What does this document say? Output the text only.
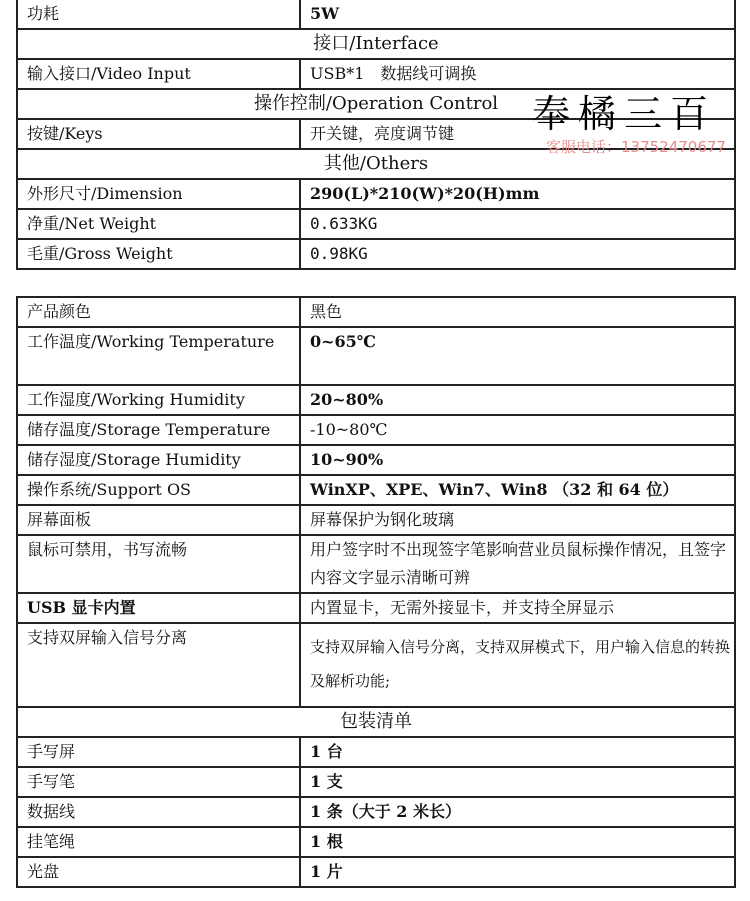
功耗	5W
接口/Interface	
输入接口/Video Input	USB*1　数据线可调换
操作控制/Operation Control	
按键/Keys	开关键，亮度调节键
其他/Others	
外形尺寸/Dimension	290(L)*210(W)*20(H)mm
净重/Net Weight	0.633KG
毛重/Gross Weight	0.98KG
奉橘三百
客服电话：13752470677
产品颜色	黑色
工作温度/Working Temperature	0~65℃
工作湿度/Working Humidity	20~80%
储存温度/Storage Temperature	-10~80℃
储存湿度/Storage Humidity	10~90%
操作系统/Support OS	WinXP、XPE、Win7、Win8 （32 和 64 位）
屏幕面板	屏幕保护为钢化玻璃
鼠标可禁用，书写流畅	用户签字时不出现签字笔影响营业员鼠标操作情况，且签字内容文字显示清晰可辨
USB 显卡内置	内置显卡，无需外接显卡，并支持全屏显示
支持双屏输入信号分离	支持双屏输入信号分离，支持双屏模式下，用户输入信息的转换及解析功能;
包装清单	
手写屏	1 台
手写笔	1 支
数据线	1 条（大于 2 米长）
挂笔绳	1 根
光盘	1 片
